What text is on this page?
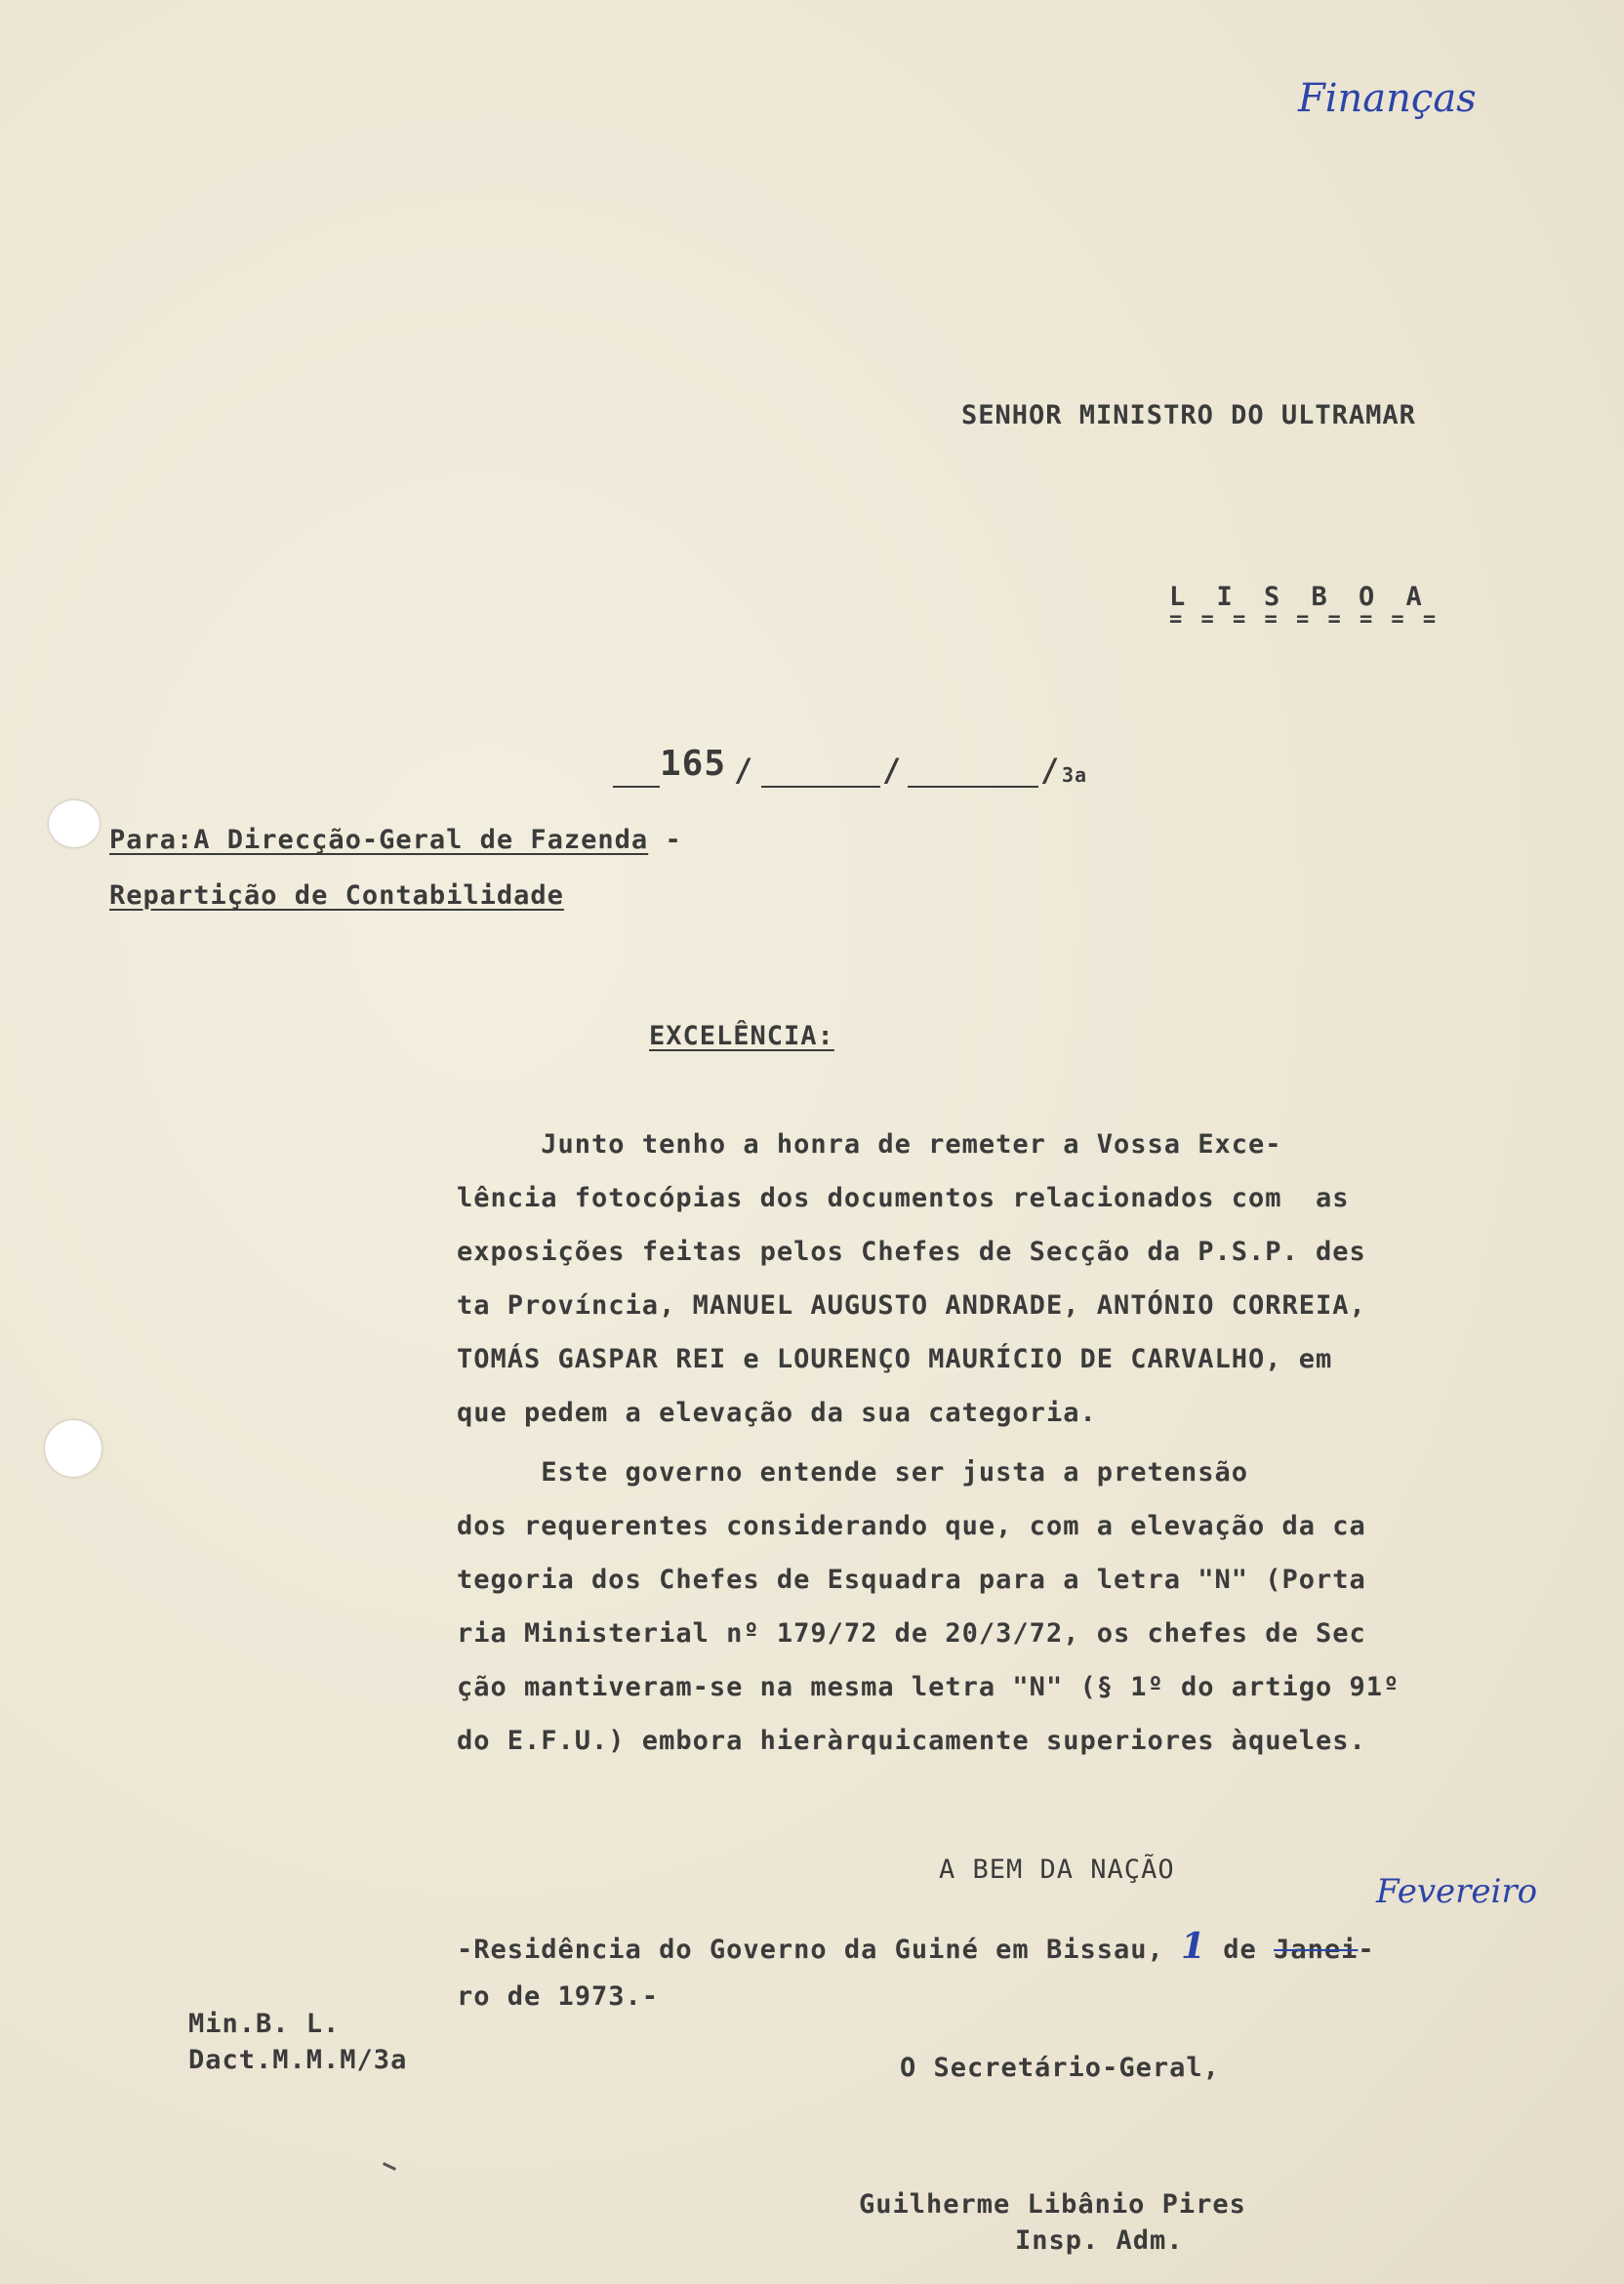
Finanças
SENHOR MINISTRO DO ULTRAMAR
L I S B O A
= = = = = = = = =
165 /	/	/ 3a
Para:A Direcção-Geral de Fazenda -
Repartição de Contabilidade
EXCELÊNCIA:
Junto tenho a honra de remeter a Vossa Exce-
lência fotocópias dos documentos relacionados com  as
exposições feitas pelos Chefes de Secção da P.S.P. des
ta Província, MANUEL AUGUSTO ANDRADE, ANTÓNIO CORREIA,
TOMÁS GASPAR REI e LOURENÇO MAURÍCIO DE CARVALHO, em
que pedem a elevação da sua categoria.
Este governo entende ser justa a pretensão
dos requerentes considerando que, com a elevação da ca
tegoria dos Chefes de Esquadra para a letra "N" (Porta
ria Ministerial nº 179/72 de 20/3/72, os chefes de Sec
ção mantiveram-se na mesma letra "N" (§ 1º do artigo 91º
do E.F.U.) embora hieràrquicamente superiores àqueles.
A BEM DA NAÇÃO
-Residência do Governo da Guiné em Bissau, 1 de Janei-
Fevereiro
ro de 1973.-
O Secretário-Geral,
Min.B. L.
Dact.M.M.M/3a
Guilherme Libânio Pires
Insp. Adm.
